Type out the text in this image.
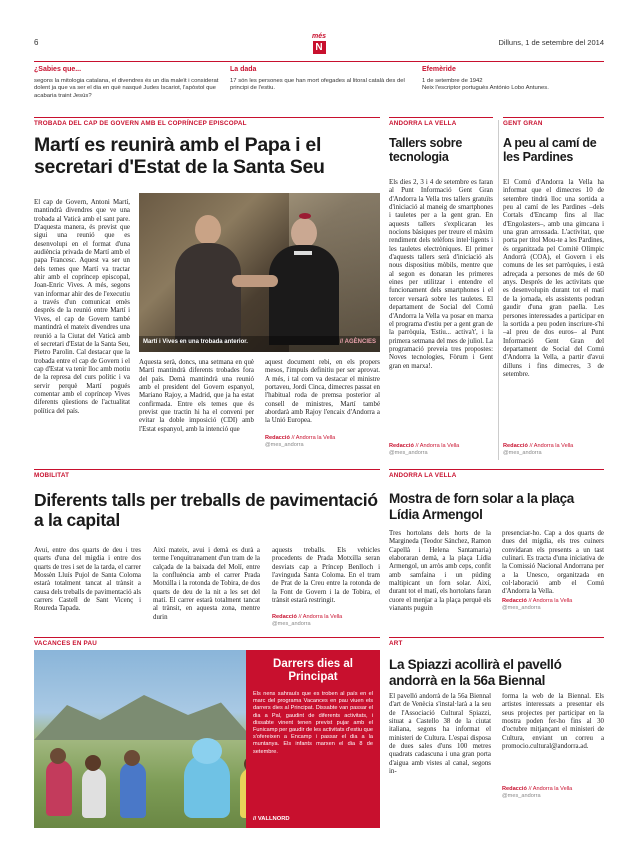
6
més
N	Dilluns, 1 de setembre del 2014
¿Sabies que...
segons la mitologia catalana, el divendres és un dia maleït i considerat dolent ja que va ser el dia en què nasqué Judes Iscariot, l'apòstol que acabaria traint Jesús?
La dada
17 són les persones que han mort ofegades al litoral català des del principi de l'estiu.
Efemèride
1 de setembre de 1942
Neix l'escriptor portuguès António Lobo Antunes.
TROBADA DEL CAP DE GOVERN AMB EL COPRÍNCEP EPISCOPAL
Martí es reunirà amb el Papa i el secretari d'Estat de la Santa Seu
El cap de Govern, Antoni Martí, mantindrà divendres que ve una trobada al Vaticà amb el sant pare. D'aquesta manera, és previst que sigui una reunió que es desenvolupi en el format d'una audiència privada de Martí amb el papa Francesc. Aquest va ser un dels temes que Martí va tractar ahir amb el copríncep episcopal, Joan-Enric Vives. A més, segons van informar ahir des de l'executiu a través d'un comunicat emès després de la reunió entre Martí i Vives, el cap de Govern també mantindrà el mateix divendres una reunió a la Ciutat del Vaticà amb el secretari d'Estat de la Santa Seu, Pietro Parolin. Cal destacar que la trobada entre el cap de Govern i el cap d'Estat va tenir lloc amb motiu de la represa del curs polític i va servir perquè Martí pogués comentar amb el copríncep Vives diferents qüestions de l'actualitat política del país.
Martí i Vives en una trobada anterior.	// AGÈNCIES
Aquesta serà, doncs, una setmana en què Martí mantindrà diferents trobades fora del país. Demà mantindrà una reunió amb el president del Govern espanyol, Mariano Rajoy, a Madrid, que ja ha estat confirmada. Entre els temes que és previst que tractin hi ha el conveni per evitar la doble imposició (CDI) amb l'Estat espanyol, amb la intenció que
aquest document rebi, en els propers mesos, l'impuls definitiu per ser aprovat. A més, i tal com va destacar el ministre portaveu, Jordi Cinca, dimecres passat en l'habitual roda de premsa posterior al consell de ministres, Martí també abordarà amb Rajoy l'encaix d'Andorra a la Unió Europea.
Redacció // Andorra la Vella
@mes_andorra
ANDORRA LA VELLA
Tallers sobre tecnologia
Els dies 2, 3 i 4 de setembre es faran al Punt Informació Gent Gran d'Andorra la Vella tres tallers gratuïts d'iniciació al maneig de smartphones i tauletes per a la gent gran. En aquests tallers s'explicaran les nocions bàsiques per treure el màxim rendiment dels telèfons intel·ligents i les tauletes electròniques. El primer d'aquests tallers serà d'iniciació als nous dispositius mòbils, mentre que al segon es donaran les primeres eines per utilitzar i entendre el funcionament dels smartphones i el tercer versarà sobre les tauletes. El departament de Social del Comú d'Andorra la Vella va posar en marxa el programa d'estiu per a gent gran de la parròquia, 'Estiu... activa't', i la primera setmana del mes de juliol. La programació preveia tres propostes: Noves tecnologies, Fòrum i Gent gran en marxa!.
Redacció // Andorra la Vella
@mes_andorra
GENT GRAN
A peu al camí de les Pardines
El Comú d'Andorra la Vella ha informat que el dimecres 10 de setembre tindrà lloc una sortida a peu al camí de les Pardines –dels Cortals d'Encamp fins al llac d'Engolasters–, amb una gimcana i una gran arrossada. L'activitat, que porta per títol Mou-te a les Pardines, és organitzada pel Comitè Olímpic Andorrà (COA), el Govern i els comuns de les set parròquies, i està adreçada a persones de més de 60 anys. Després de les activitats que es desenvolupin durant tot el matí de la jornada, els assistents podran gaudir d'una gran paella. Les persones interessades a participar en la sortida a peu poden inscriure-s'hi –al preu de dos euros– al Punt Informació Gent Gran del departament de Social del Comú d'Andorra la Vella, a partir d'avui dilluns i fins dimecres, 3 de setembre.
Redacció // Andorra la Vella
@mes_andorra
MOBILITAT
Diferents talls per treballs de pavimentació a la capital
Avui, entre dos quarts de deu i tres quarts d'una del migdia i entre dos quarts de tres i set de la tarda, el carrer Mossèn Lluís Pujol de Santa Coloma estarà totalment tancat al trànsit a causa dels treballs de pavimentació als carrers Castell de Sant Vicenç i Roureda Tapada.
Així mateix, avui i demà es durà a terme l'enquitranament d'un tram de la calçada de la baixada del Molí, entre la confluència amb el carrer Prada Motxilla i la rotonda de Tobira, de dos quarts de deu de la nit a les set del matí. El carrer estarà totalment tancat al trànsit, en aquesta zona, mentre durin
aquests treballs. Els vehicles procedents de Prada Motxilla seran desviats cap a Príncep Benlloch i l'avinguda Santa Coloma. En el tram de Prat de la Creu entre la rotonda de la Font de Govern i la de Tobira, el trànsit estarà restringit.
Redacció // Andorra la Vella
@mes_andorra
ANDORRA LA VELLA
Mostra de forn solar a la plaça Lídia Armengol
Tres hortolans dels horts de la Margineda (Teodor Sánchez, Ramon Capellà i Helena Santamaria) elaboraran demà, a la plaça Lídia Armengol, un arròs amb ceps, confit amb samfaina i un púding maltipicant un forn solar. Així, durant tot el matí, els hortolans faran cuore el menjar a la plaça perquè els vianants puguin
presenciar-ho. Cap a dos quarts de dues del migdia, els tres cuiners convidaran els presents a un tast culinari. Es tracta d'una iniciativa de la Comissió Nacional Andorrana per a la Unesco, organitzada en col·laboració amb el Comú d'Andorra la Vella.
Redacció // Andorra la Vella
@mes_andorra
VACANCES EN PAU
Darrers dies al Principat
Els nens sahrauís que es troben al país en el marc del programa Vacances en pau viuen els darrers dies al Principat. Dissabte van passar el dia a Pal, gaudint de diferents activitats, i dissabte vinent tenen previst pujar amb el Funicamp per gaudir de les activitats d'estiu que s'ofereixen a Encamp i passar el dia a la muntanya. Els infants marxen el dia 8 de setembre.
// VALLNORD
ART
La Spiazzi acollirà el pavelló andorrà en la 56a Biennal
El pavelló andorrà de la 56a Biennal d'art de Venècia s'instal·larà a la seu de l'Associació Cultural Spiazzi, situat a Castello 38 de la ciutat italiana, segons ha informat el ministeri de Cultura. L'espai disposa de dues sales d'uns 100 metres quadrats cadascuna i una gran porta d'aigua amb vistes al canal, segons in-
forma la web de la Biennal. Els artistes interessats a presentar els seus projectes per participar en la mostra poden fer-ho fins al 30 d'octubre mitjançant el ministeri de Cultura, enviant un correu a promocio.cultural@andorra.ad.
Redacció // Andorra la Vella
@mes_andorra
